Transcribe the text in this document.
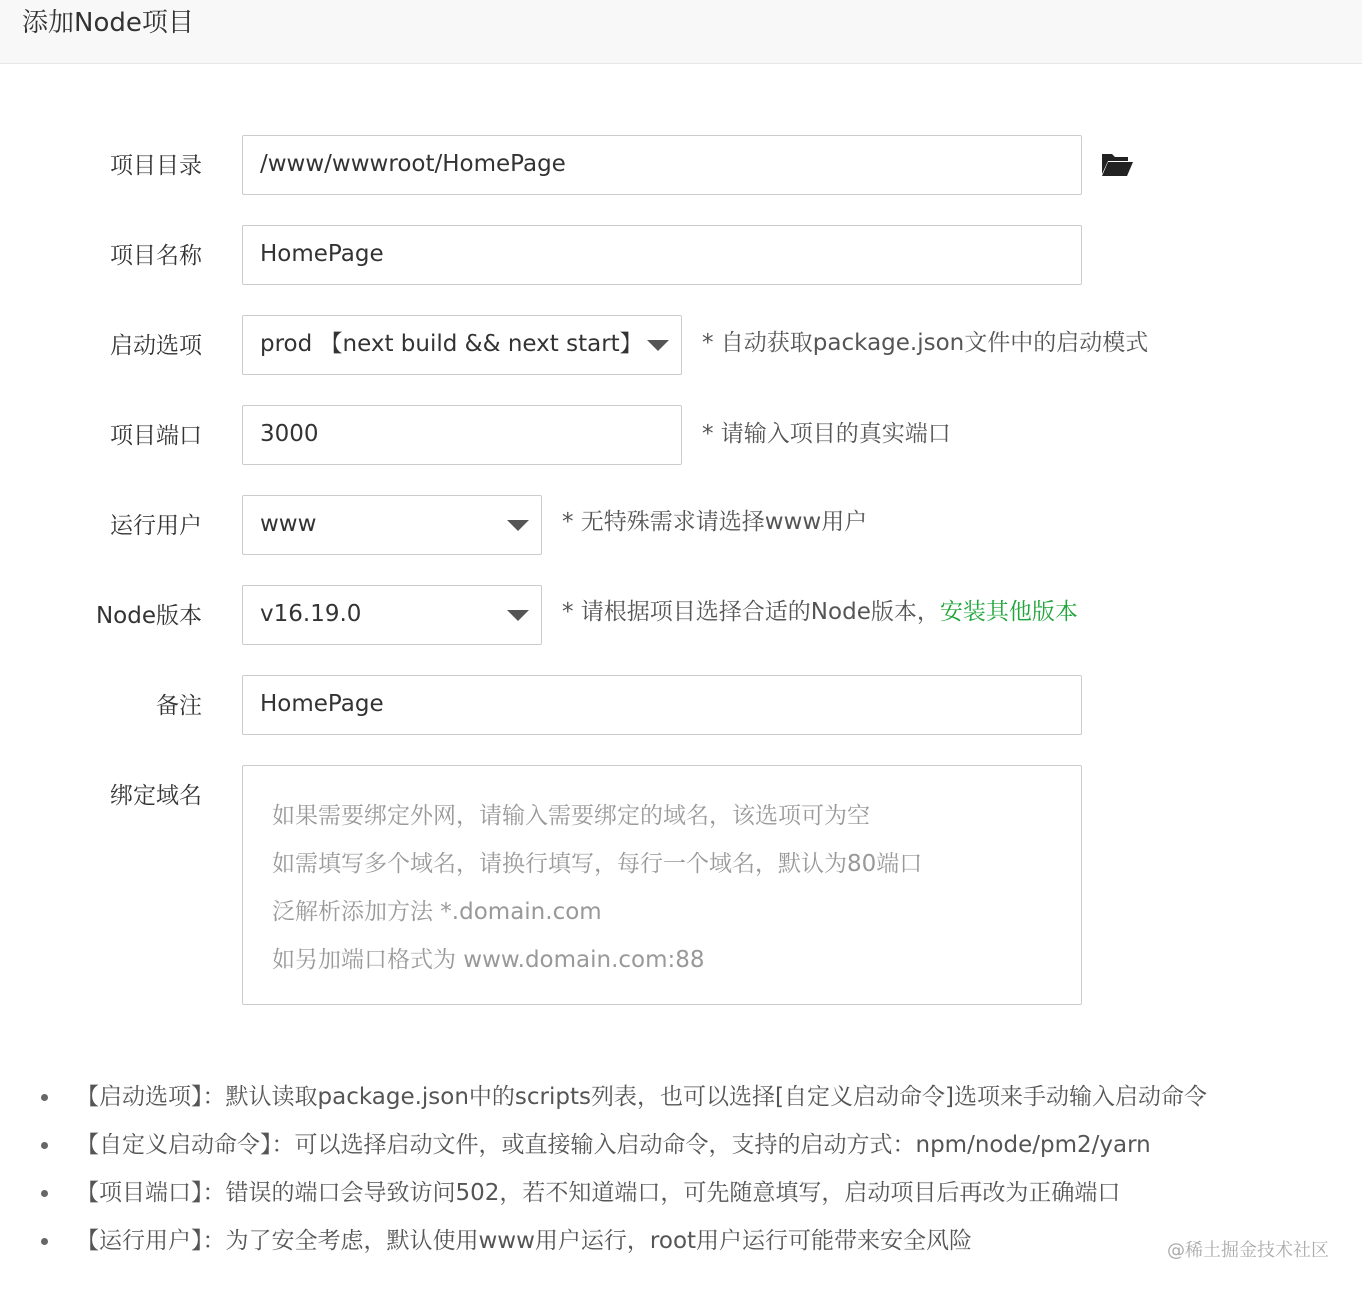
添加Node项目
项目目录	/www/wwwroot/HomePage
项目名称	HomePage
启动选项	prod 【next build && next start】	* 自动获取package.json文件中的启动模式
项目端口	3000	* 请输入项目的真实端口
运行用户	www	* 无特殊需求请选择www用户
Node版本	v16.19.0	* 请根据项目选择合适的Node版本，安装其他版本
备注	HomePage
绑定域名
如果需要绑定外网，请输入需要绑定的域名，该选项可为空
如需填写多个域名，请换行填写，每行一个域名，默认为80端口
泛解析添加方法 *.domain.com
如另加端口格式为 www.domain.com:88
【启动选项】：默认读取package.json中的scripts列表，也可以选择[自定义启动命令]选项来手动输入启动命令
【自定义启动命令】：可以选择启动文件，或直接输入启动命令，支持的启动方式：npm/node/pm2/yarn
【项目端口】：错误的端口会导致访问502，若不知道端口，可先随意填写，启动项目后再改为正确端口
【运行用户】：为了安全考虑，默认使用www用户运行，root用户运行可能带来安全风险	@稀土掘金技术社区
